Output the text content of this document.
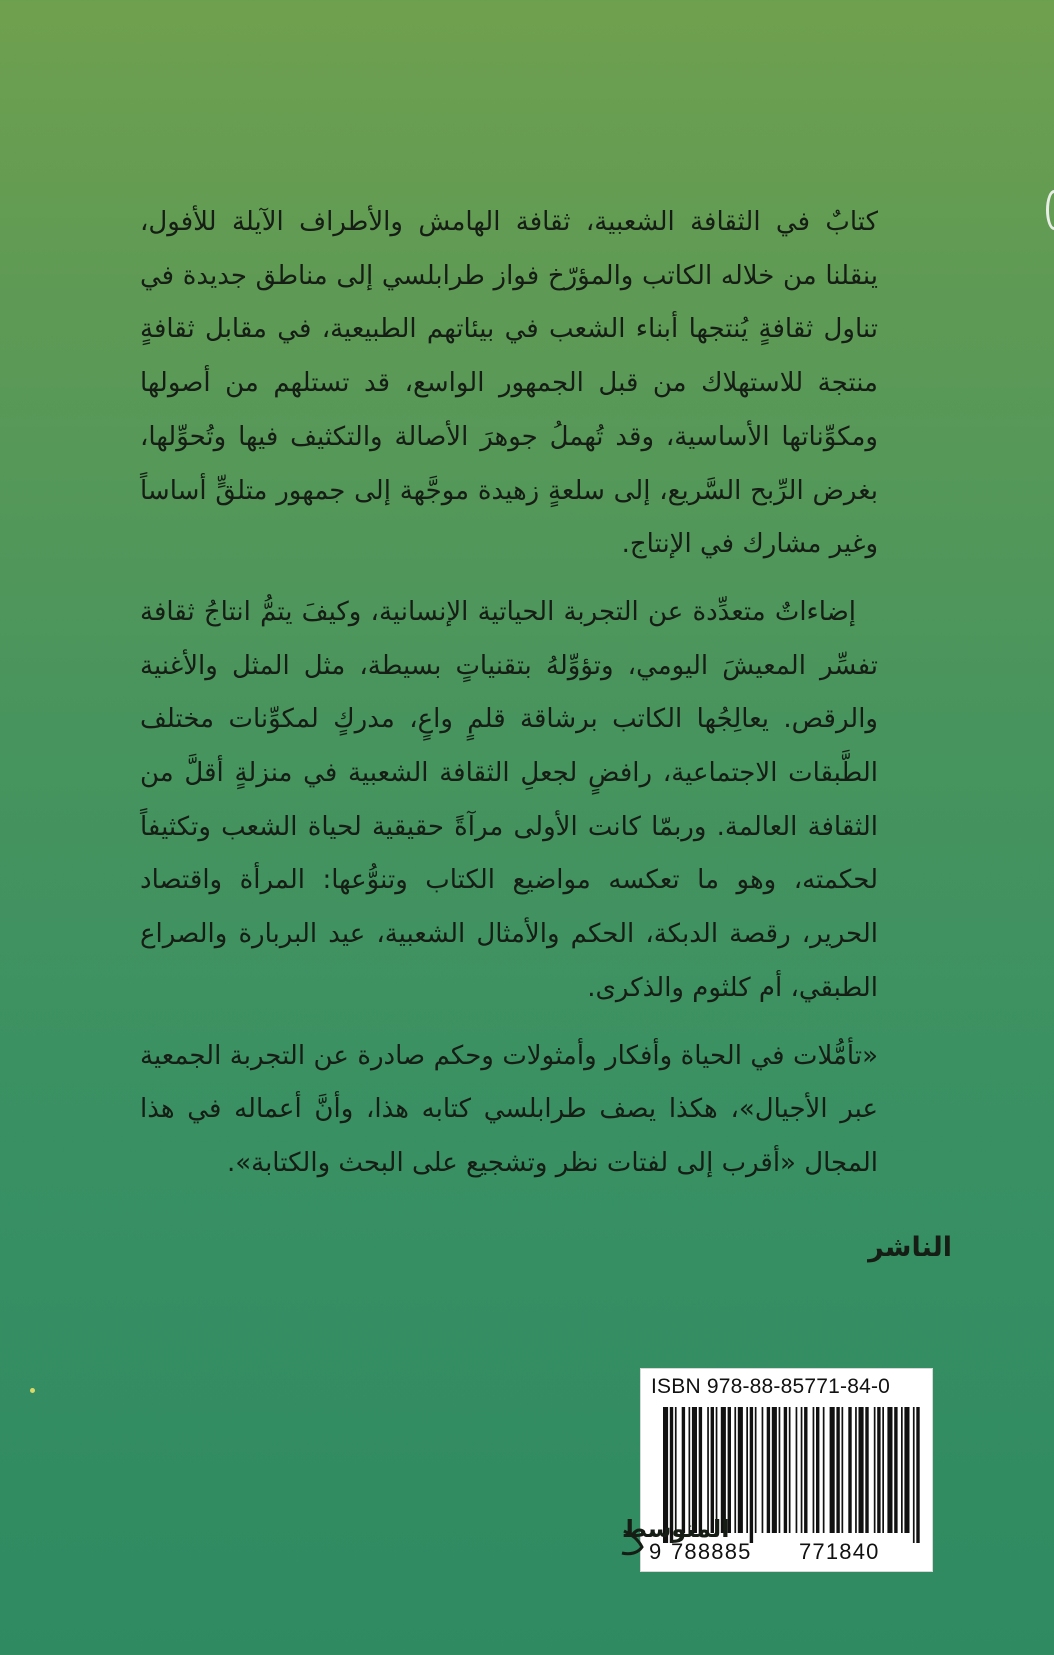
كتابٌ في الثقافة الشعبية، ثقافة الهامش والأطراف الآيلة للأفول، ينقلنا من خلاله الكاتب والمؤرّخ فواز طرابلسي إلى مناطق جديدة في تناول ثقافةٍ يُنتجها أبناء الشعب في بيئاتهم الطبيعية، في مقابل ثقافةٍ منتجة للاستهلاك من قبل الجمهور الواسع، قد تستلهم من أصولها ومكوِّناتها الأساسية، وقد تُهملُ جوهرَ الأصالة والتكثيف فيها وتُحوِّلها، بغرض الرِّبح السَّريع، إلى سلعةٍ زهيدة موجَّهة إلى جمهور متلقٍّ أساساً وغير مشارك في الإنتاج.

إضاءاتٌ متعدِّدة عن التجربة الحياتية الإنسانية، وكيفَ يتمُّ انتاجُ ثقافة تفسِّر المعيشَ اليومي، وتؤوِّلهُ بتقنياتٍ بسيطة، مثل المثل والأغنية والرقص. يعالِجُها الكاتب برشاقة قلمٍ واعٍ، مدركٍ لمكوِّنات مختلف الطَّبقات الاجتماعية، رافضٍ لجعلِ الثقافة الشعبية في منزلةٍ أقلَّ من الثقافة العالمة. وربمّا كانت الأولى مرآةً حقيقية لحياة الشعب وتكثيفاً لحكمته، وهو ما تعكسه مواضيع الكتاب وتنوُّعها: المرأة واقتصاد الحرير، رقصة الدبكة، الحكم والأمثال الشعبية، عيد البربارة والصراع الطبقي، أم كلثوم والذكرى.

«تأمُّلات في الحياة وأفكار وأمثولات وحكم صادرة عن التجربة الجمعية عبر الأجيال»، هكذا يصف طرابلسي كتابه هذا، وأنَّ أعماله في هذا المجال «أقرب إلى لفتات نظر وتشجيع على البحث والكتابة».

الناشر
ISBN 978-88-85771-84-0
9 788885 771840
المتوسط
